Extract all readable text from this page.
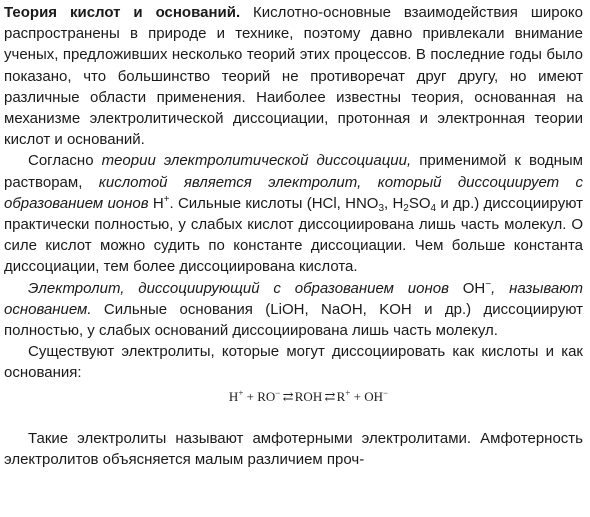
Теория кислот и оснований. Кислотно-основные взаимодействия широко распространены в природе и технике, поэтому давно привлекали внимание ученых, предложивших несколько теорий этих процессов. В последние годы было показано, что большинство теорий не противоречат друг другу, но имеют различные области применения. Наиболее известны теория, основанная на механизме электролитической диссоциации, протонная и электронная теории кислот и оснований.

Согласно теории электролитической диссоциации, применимой к водным растворам, кислотой является электролит, который диссоциирует с образованием ионов H+. Сильные кислоты (HCl, $HNO_3$, $H_2SO_4$ и др.) диссоциируют практически полностью, у слабых кислот диссоциирована лишь часть молекул. О силе кислот можно судить по константе диссоциации. Чем больше константа диссоциации, тем более диссоциирована кислота.

Электролит, диссоциирующий с образованием ионов OH−, называют основанием. Сильные основания (LiOH, NaOH, KOH и др.) диссоциируют полностью, у слабых оснований диссоциирована лишь часть молекул.

Существуют электролиты, которые могут диссоциировать как кислоты и как основания:

H+ + RO− ⇄ ROH ⇄ R+ + OH−

Такие электролиты называют амфотерными электролитами. Амфотерность электролитов объясняется малым различием проч-
